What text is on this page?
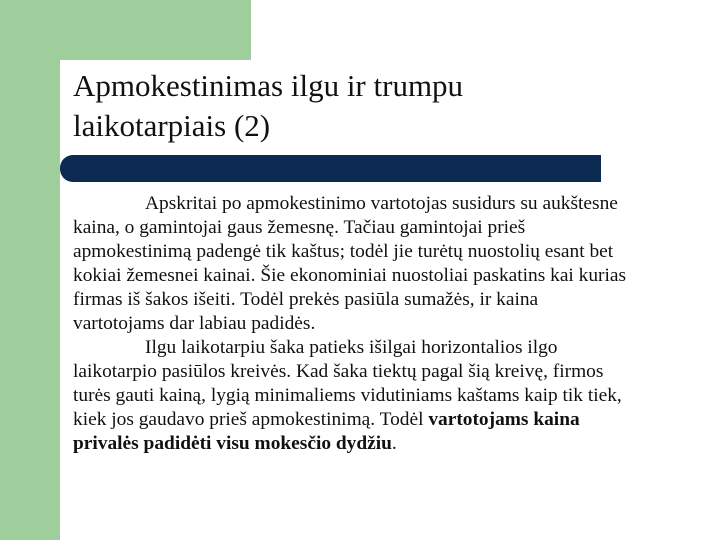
Apmokestinimas ilgu ir trumpu
laikotarpiais (2)

Apskritai po apmokestinimo vartotojas susidurs su aukštesne
kaina, o gamintojai gaus žemesnę. Tačiau gamintojai prieš
apmokestinimą padengė tik kaštus; todėl jie turėtų nuostolių esant bet
kokiai žemesnei kainai. Šie ekonominiai nuostoliai paskatins kai kurias
firmas iš šakos išeiti. Todėl prekės pasiūla sumažės, ir kaina
vartotojams dar labiau padidės.

Ilgu laikotarpiu šaka patieks išilgai horizontalios ilgo
laikotarpio pasiūlos kreivės. Kad šaka tiektų pagal šią kreivę, firmos
turės gauti kainą, lygią minimaliems vidutiniams kaštams kaip tik tiek,
kiek jos gaudavo prieš apmokestinimą. Todėl vartotojams kaina
privalės padidėti visu mokesčio dydžiu.
